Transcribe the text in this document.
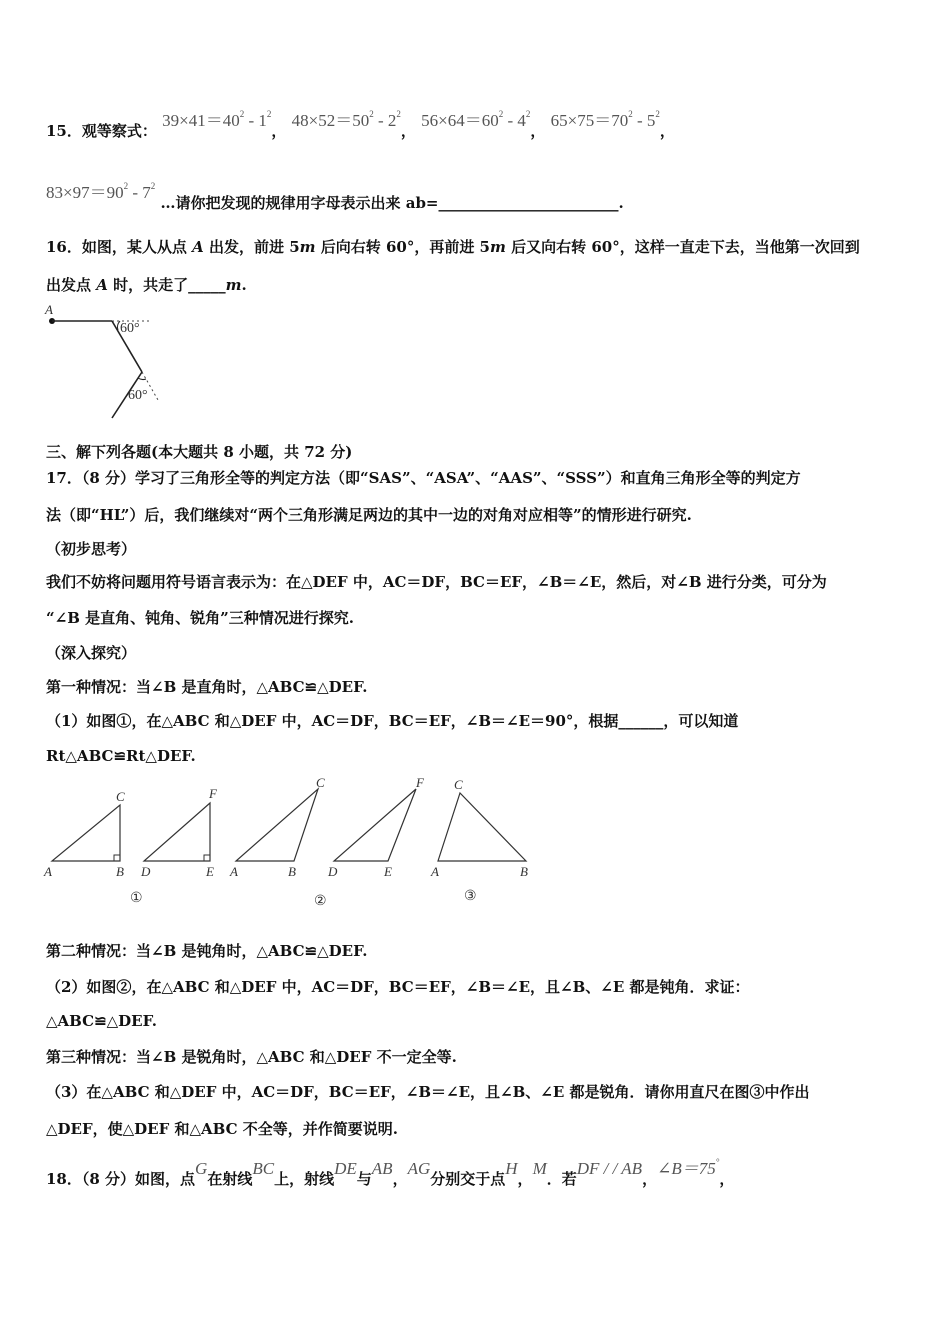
15．观等察式： $39\times 41=40^2 - 1^2$， $48\times 52=50^2 - 2^2$， $56\times 64=60^2 - 4^2$， $65\times 75=70^2 - 5^2$，
$83\times 97=90^2 - 7^2$ …请你把发现的规律用字母表示出来 ab=________________________.
16．如图，某人从点 A 出发，前进 5m 后向右转 60°，再前进 5m 后又向右转 60°，这样一直走下去，当他第一次回到
出发点 A 时，共走了_____m.
A
60°
60°
三、解下列各题(本大题共 8 小题，共 72 分)
17．（8 分）学习了三角形全等的判定方法（即“SAS”、“ASA”、“AAS”、“SSS”）和直角三角形全等的判定方
法（即“HL”）后，我们继续对“两个三角形满足两边的其中一边的对角对应相等”的情形进行研究.
（初步思考）
我们不妨将问题用符号语言表示为：在△DEF 中，AC＝DF，BC＝EF，∠B＝∠E，然后，对∠B 进行分类，可分为
“∠B 是直角、钝角、锐角”三种情况进行探究.
（深入探究）
第一种情况：当∠B 是直角时，△ABC≌△DEF.
（1）如图①，在△ABC 和△DEF 中，AC＝DF，BC＝EF，∠B＝∠E＝90°，根据______，可以知道
Rt△ABC≌Rt△DEF.
A	B
C
D	E
F
A	B
C
D	E
F
A	B
C
①	②	③
第二种情况：当∠B 是钝角时，△ABC≌△DEF.
（2）如图②，在△ABC 和△DEF 中，AC＝DF，BC＝EF，∠B＝∠E，且∠B、∠E 都是钝角．求证：
△ABC≌△DEF.
第三种情况：当∠B 是锐角时，△ABC 和△DEF 不一定全等.
（3）在△ABC 和△DEF 中，AC＝DF，BC＝EF，∠B＝∠E，且∠B、∠E 都是锐角．请你用直尺在图③中作出
△DEF，使△DEF 和△ABC 不全等，并作简要说明.
18．（8 分）如图，点G在射线BC上，射线DE与AB，AG分别交于点H，M．若DF / / AB，∠B＝75°，
